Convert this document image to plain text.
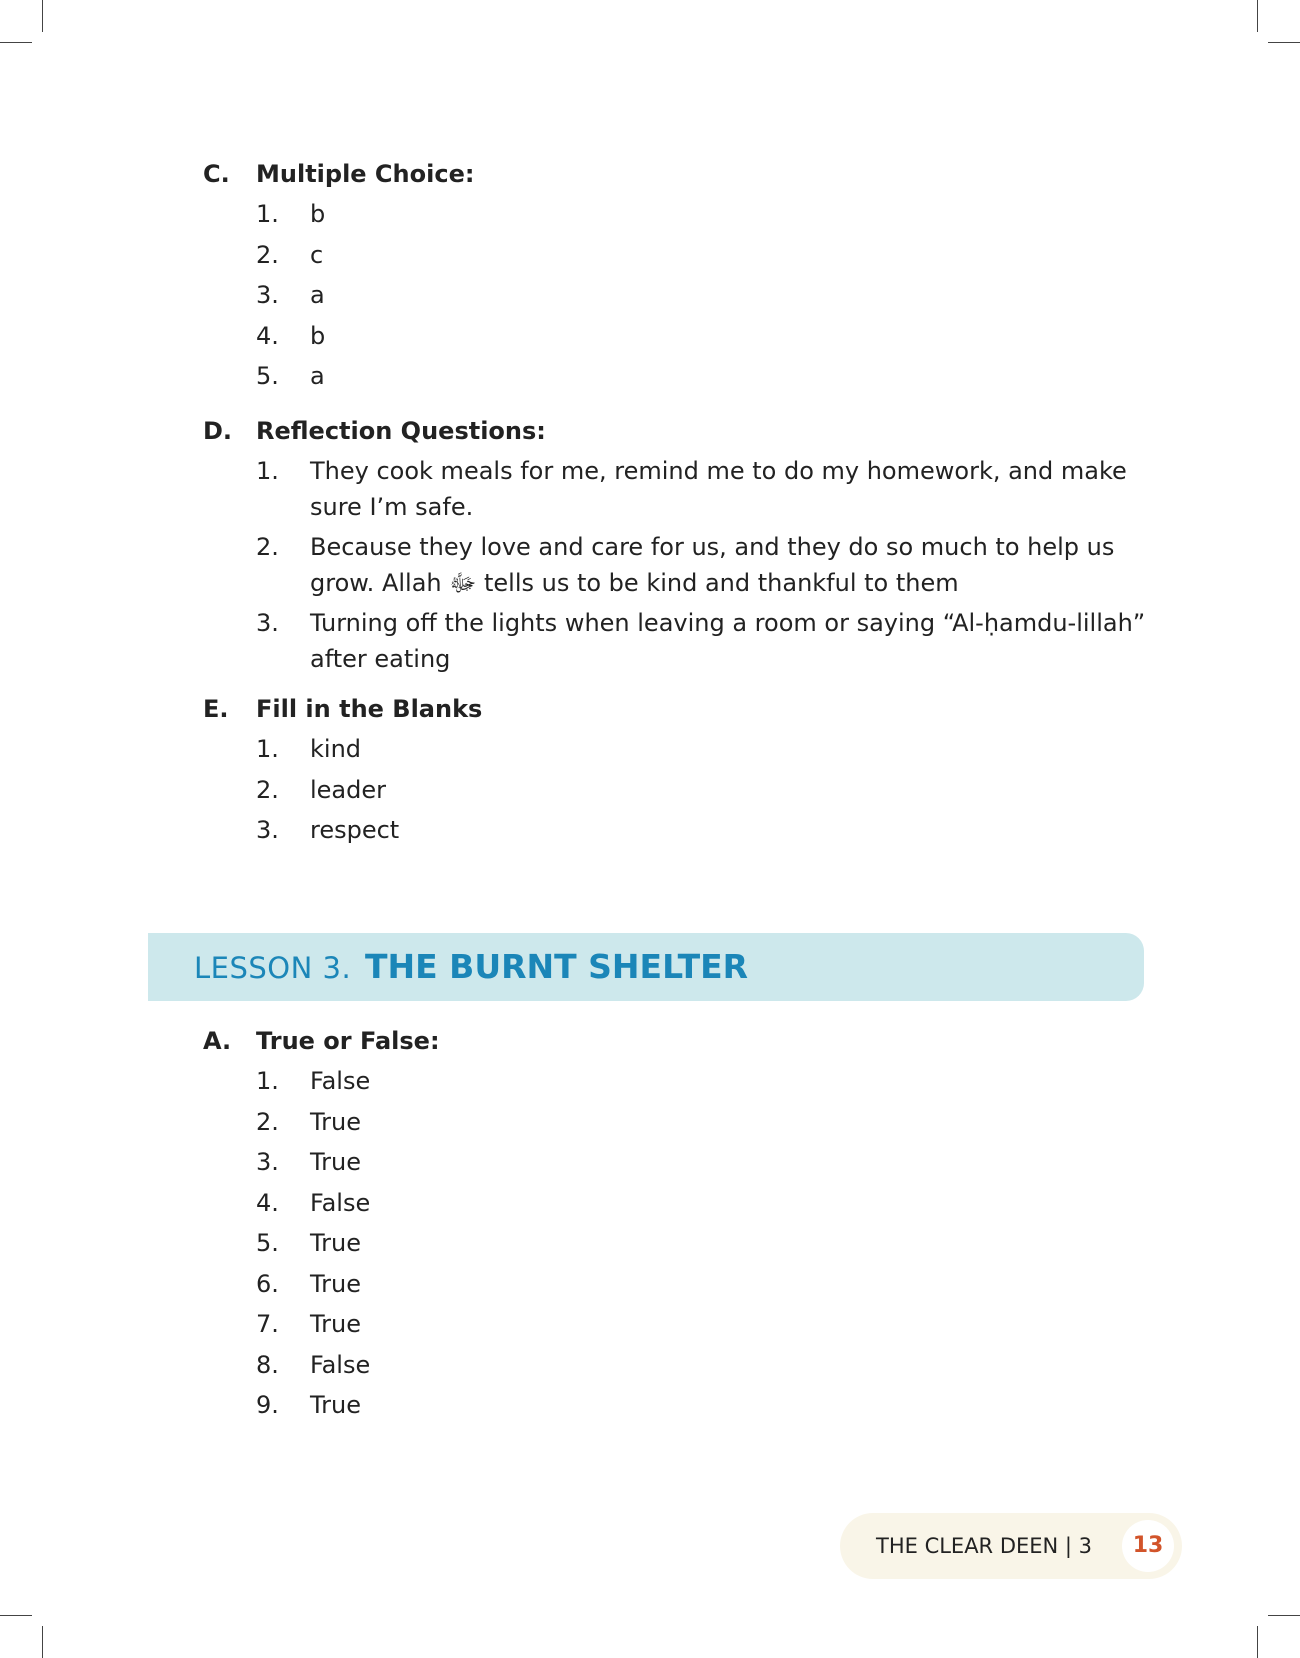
C. Multiple Choice:
1. b
2. c
3. a
4. b
5. a
D. Reflection Questions:
1. They cook meals for me, remind me to do my homework, and make sure I’m safe.
2. Because they love and care for us, and they do so much to help us grow. Allah ﷻ tells us to be kind and thankful to them
3. Turning off the lights when leaving a room or saying “Al-ḥamdu-lillah” after eating
E. Fill in the Blanks
1. kind
2. leader
3. respect
LESSON 3. THE BURNT SHELTER
A. True or False:
1. False
2. True
3. True
4. False
5. True
6. True
7. True
8. False
9. True
THE CLEAR DEEN | 3	13
